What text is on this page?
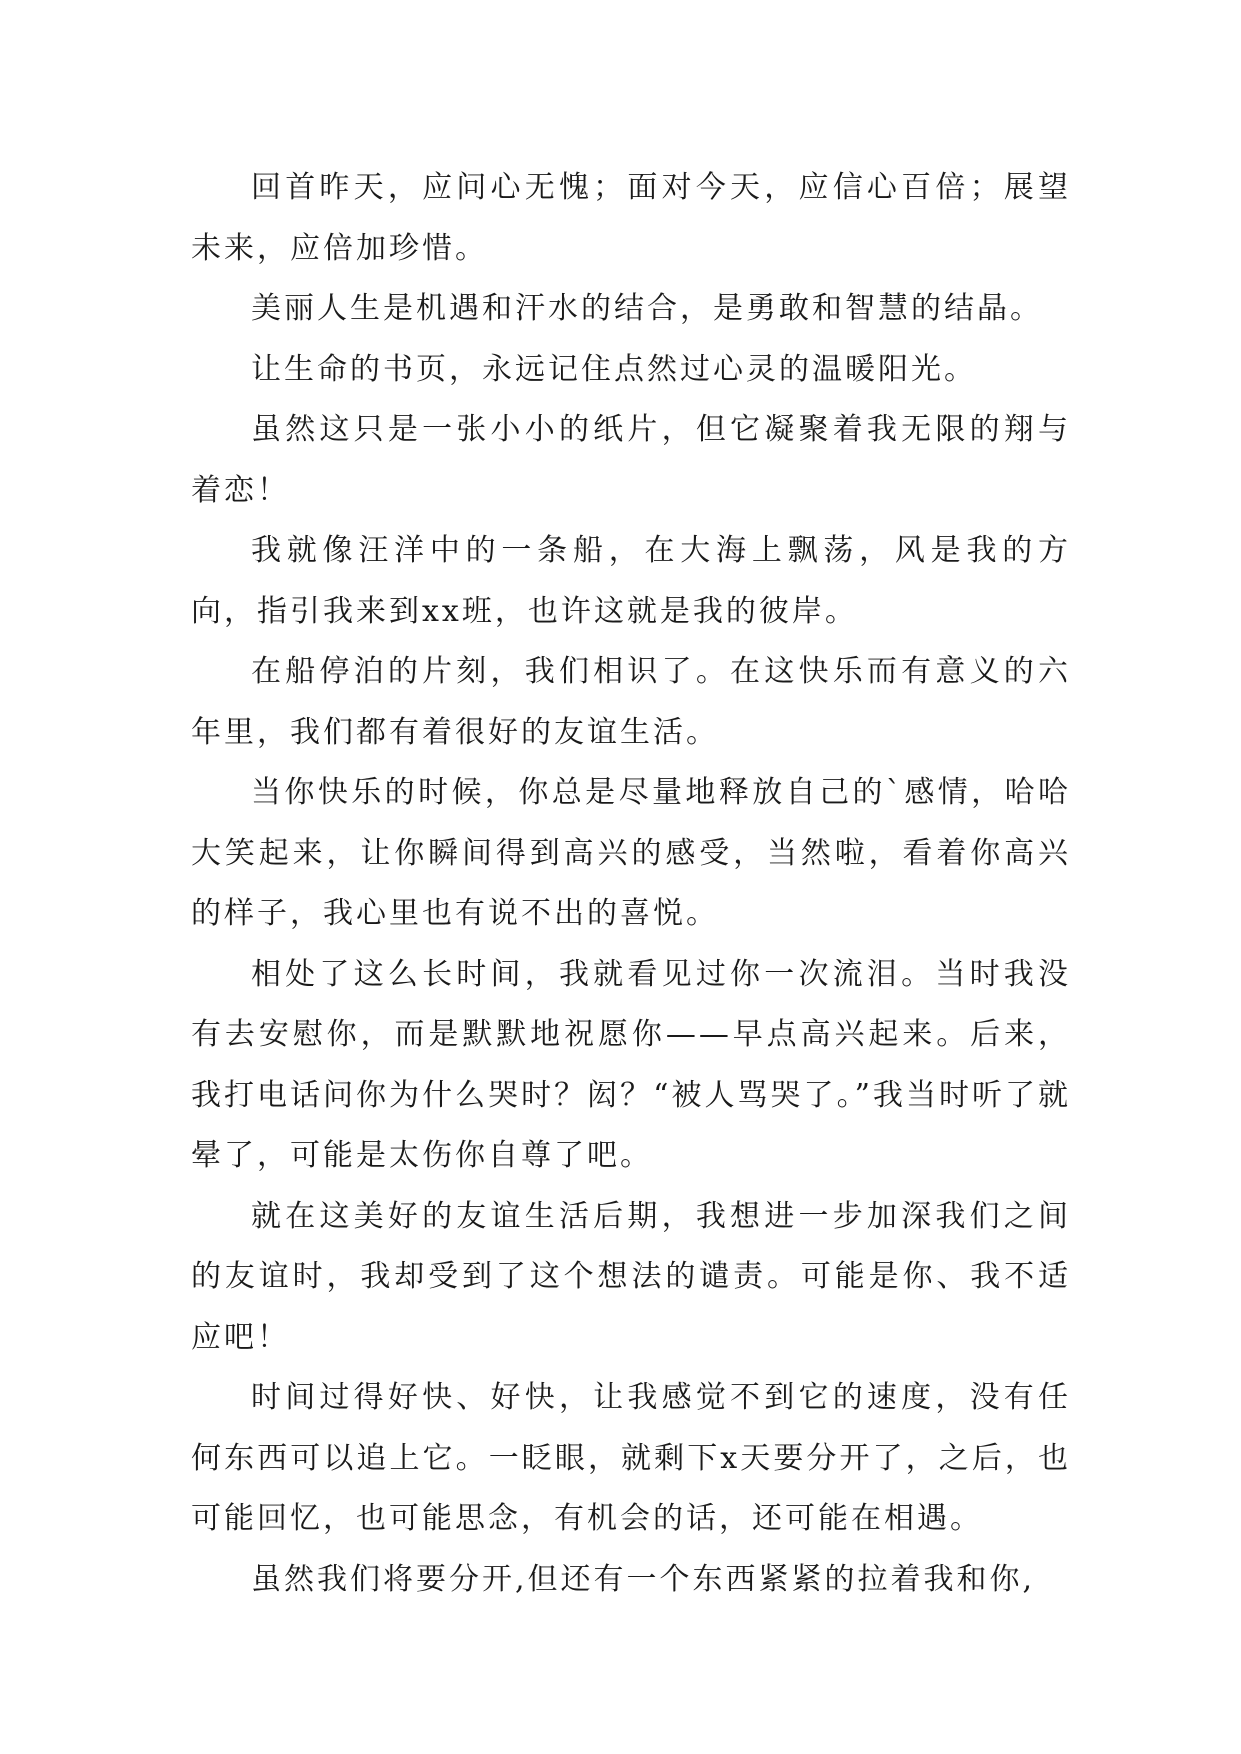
回首昨天，应问心无愧；面对今天，应信心百倍；展望未来，应倍加珍惜。

美丽人生是机遇和汗水的结合，是勇敢和智慧的结晶。

让生命的书页，永远记住点然过心灵的温暖阳光。

虽然这只是一张小小的纸片，但它凝聚着我无限的翔与着恋！

我就像汪洋中的一条船，在大海上飘荡，风是我的方向，指引我来到xx班，也许这就是我的彼岸。

在船停泊的片刻，我们相识了。在这快乐而有意义的六年里，我们都有着很好的友谊生活。

当你快乐的时候，你总是尽量地释放自己的`感情，哈哈大笑起来，让你瞬间得到高兴的感受，当然啦，看着你高兴的样子，我心里也有说不出的喜悦。

相处了这么长时间，我就看见过你一次流泪。当时我没有去安慰你，而是默默地祝愿你——早点高兴起来。后来，我打电话问你为什么哭时？闳？“被人骂哭了。”我当时听了就晕了，可能是太伤你自尊了吧。

就在这美好的友谊生活后期，我想进一步加深我们之间的友谊时，我却受到了这个想法的谴责。可能是你、我不适应吧！

时间过得好快、好快，让我感觉不到它的速度，没有任何东西可以追上它。一眨眼，就剩下x天要分开了，之后，也可能回忆，也可能思念，有机会的话，还可能在相遇。

虽然我们将要分开,但还有一个东西紧紧的拉着我和你,
